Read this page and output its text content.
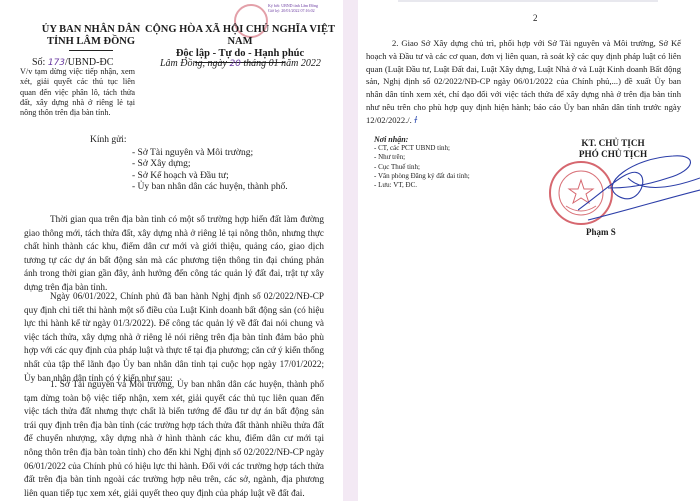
Ký bởi: UBND tỉnh Lâm Đồng
Giờ ký: 20/01/2022 07:16:02
ỦY BAN NHÂN DÂN
TỈNH LÂM ĐỒNG
CỘNG HÒA XÃ HỘI CHỦ NGHĨA VIỆT NAM
Độc lập - Tự do - Hạnh phúc
Số: 173/UBND-ĐC
V/v tạm dừng việc tiếp nhận, xem xét, giải quyết các thủ tục liên quan đến việc phân lô, tách thửa đất, xây dựng nhà ở riêng lẻ tại nông thôn trên địa bàn tỉnh.
Lâm Đồng, ngày 20 tháng 01 năm 2022
Kính gửi:
- Sở Tài nguyên và Môi trường;
- Sở Xây dựng;
- Sở Kế hoạch và Đầu tư;
- Ủy ban nhân dân các huyện, thành phố.
Thời gian qua trên địa bàn tỉnh có một số trường hợp hiến đất làm đường giao thông mới, tách thửa đất, xây dựng nhà ở riêng lẻ tại nông thôn, nhưng thực chất hình thành các khu, điểm dân cư mới và giới thiệu, quảng cáo, giao dịch tương tự các dự án bất động sản mà các phương tiện thông tin đại chúng phản ánh trong thời gian gần đây, ảnh hưởng đến công tác quản lý đất đai, trật tự xây dựng trên địa bàn tỉnh.
Ngày 06/01/2022, Chính phủ đã ban hành Nghị định số 02/2022/NĐ-CP quy định chi tiết thi hành một số điều của Luật Kinh doanh bất động sản (có hiệu lực thi hành kể từ ngày 01/3/2022). Để công tác quản lý về đất đai nói chung và việc tách thửa, xây dựng nhà ở riêng lẻ nói riêng trên địa bàn tỉnh đảm bảo phù hợp với các quy định của pháp luật và thực tế tại địa phương; căn cứ ý kiến thống nhất của tập thể lãnh đạo Ủy ban nhân dân tỉnh tại cuộc họp ngày 17/01/2022; Ủy ban nhân dân tỉnh có ý kiến như sau:
1. Sở Tài nguyên và Môi trường, Ủy ban nhân dân các huyện, thành phố tạm dừng toàn bộ việc tiếp nhận, xem xét, giải quyết các thủ tục liên quan đến việc tách thửa đất nhưng thực chất là biến tướng để đầu tư dự án bất động sản trái quy định trên địa bàn tỉnh (các trường hợp tách thửa đất thành nhiều thửa đất để chuyển nhượng, xây dựng nhà ở hình thành các khu, điểm dân cư mới tại nông thôn trên địa bàn toàn tỉnh) cho đến khi Nghị định số 02/2022/NĐ-CP ngày 06/01/2022 của Chính phủ có hiệu lực thi hành. Đối với các trường hợp tách thửa đất trên địa bàn tỉnh ngoài các trường hợp nêu trên, các sở, ngành, địa phương liên quan tiếp tục xem xét, giải quyết theo quy định của pháp luật về đất đai.
2
2. Giao Sở Xây dựng chủ trì, phối hợp với Sở Tài nguyên và Môi trường, Sở Kế hoạch và Đầu tư và các cơ quan, đơn vị liên quan, rà soát kỹ các quy định pháp luật có liên quan (Luật Đầu tư, Luật Đất đai, Luật Xây dựng, Luật Nhà ở và Luật Kinh doanh Bất động sản, Nghị định số 02/2022/NĐ-CP ngày 06/01/2022 của Chính phủ,...) đề xuất Ủy ban nhân dân tỉnh xem xét, chỉ đạo đối với việc tách thửa để xây dựng nhà ở trên địa bàn tỉnh như nêu trên cho phù hợp quy định hiện hành; báo cáo Ủy ban nhân dân tỉnh trước ngày 12/02/2022./. ɫ
Nơi nhận:
- CT, các PCT UBND tỉnh;
- Như trên;
- Cục Thuế tỉnh;
- Văn phòng Đăng ký đất đai tỉnh;
- Lưu: VT, ĐC.
KT. CHỦ TỊCH
PHÓ CHỦ TỊCH
Phạm S
